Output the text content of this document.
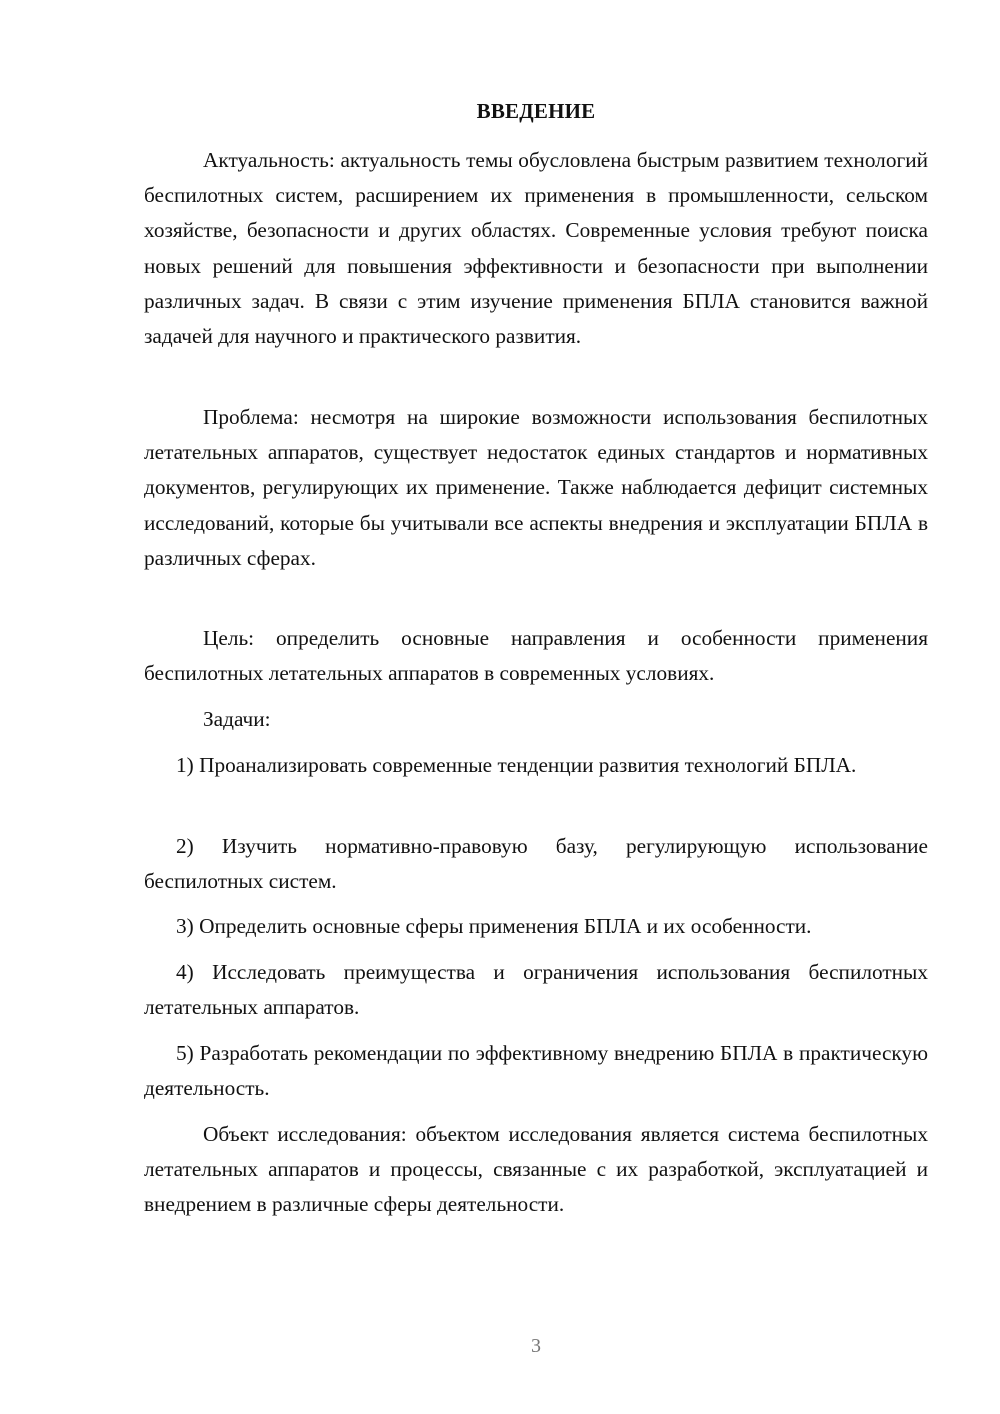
ВВЕДЕНИЕ

Актуальность: актуальность темы обусловлена быстрым развитием технологий беспилотных систем, расширением их применения в промышленности, сельском хозяйстве, безопасности и других областях. Современные условия требуют поиска новых решений для повышения эффективности и безопасности при выполнении различных задач. В связи с этим изучение применения БПЛА становится важной задачей для научного и практического развития.

Проблема: несмотря на широкие возможности использования беспилотных летательных аппаратов, существует недостаток единых стандартов и нормативных документов, регулирующих их применение. Также наблюдается дефицит системных исследований, которые бы учитывали все аспекты внедрения и эксплуатации БПЛА в различных сферах.

Цель: определить основные направления и особенности применения беспилотных летательных аппаратов в современных условиях.

Задачи:

1) Проанализировать современные тенденции развития технологий БПЛА.

2) Изучить нормативно-правовую базу, регулирующую использование беспилотных систем.

3) Определить основные сферы применения БПЛА и их особенности.

4) Исследовать преимущества и ограничения использования беспилотных летательных аппаратов.

5) Разработать рекомендации по эффективному внедрению БПЛА в практическую деятельность.

Объект исследования: объектом исследования является система беспилотных летательных аппаратов и процессы, связанные с их разработкой, эксплуатацией и внедрением в различные сферы деятельности.

3
